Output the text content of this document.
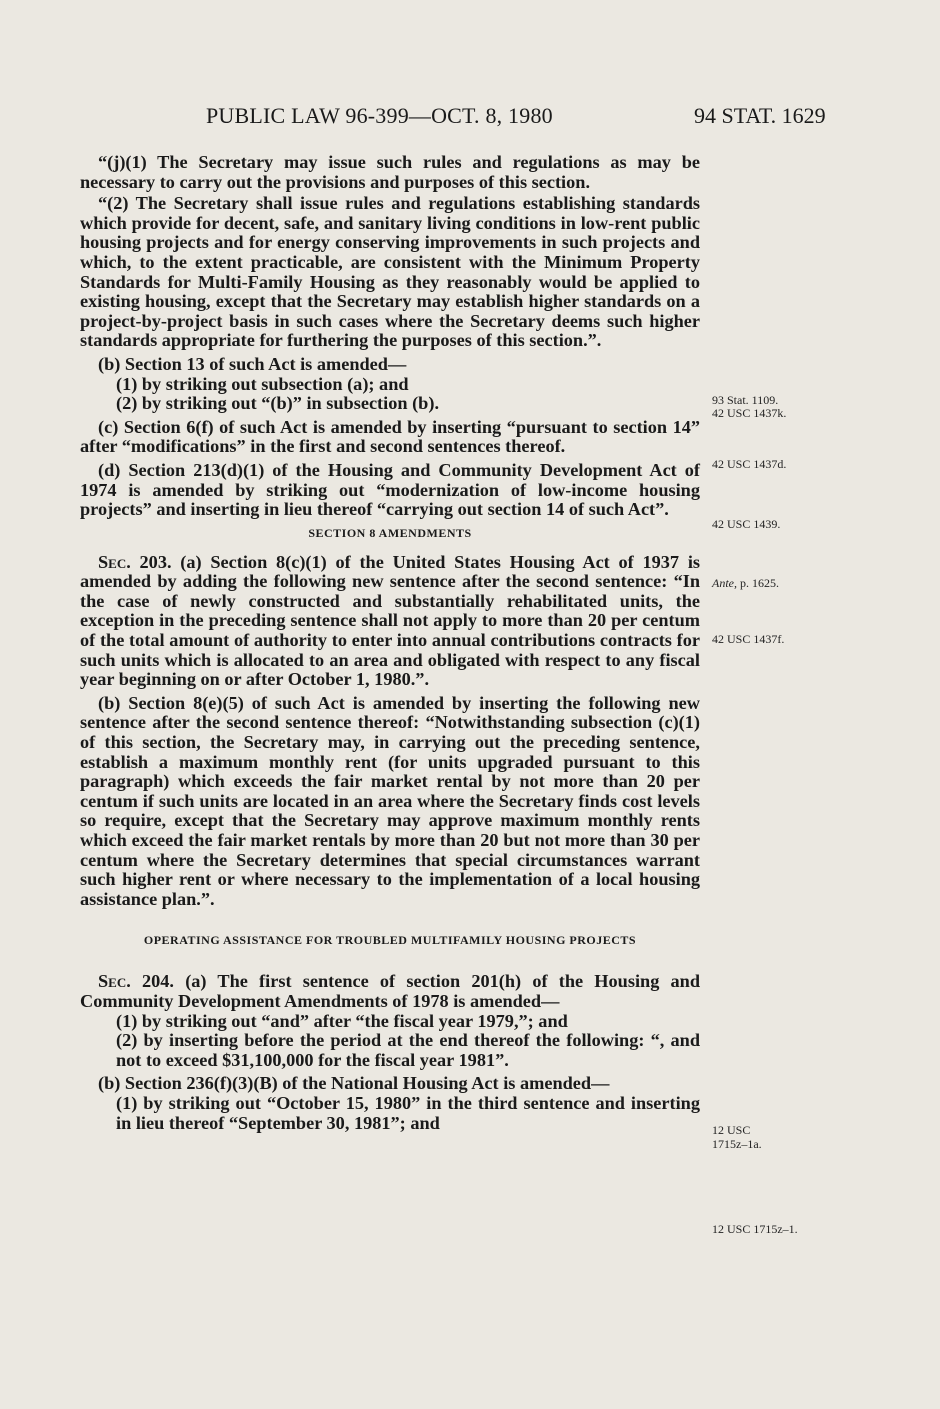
PUBLIC LAW 96-399—OCT. 8, 1980	94 STAT. 1629

“(j)(1) The Secretary may issue such rules and regulations as may be necessary to carry out the provisions and purposes of this section.

“(2) The Secretary shall issue rules and regulations establishing standards which provide for decent, safe, and sanitary living conditions in low-rent public housing projects and for energy conserving improvements in such projects and which, to the extent practicable, are consistent with the Minimum Property Standards for Multi-Family Housing as they reasonably would be applied to existing housing, except that the Secretary may establish higher standards on a project-by-project basis in such cases where the Secretary deems such higher standards appropriate for furthering the purposes of this section.”.

(b) Section 13 of such Act is amended—

(1) by striking out subsection (a); and

(2) by striking out “(b)” in subsection (b).

(c) Section 6(f) of such Act is amended by inserting “pursuant to section 14” after “modifications” in the first and second sentences thereof.

(d) Section 213(d)(1) of the Housing and Community Development Act of 1974 is amended by striking out “modernization of low-income housing projects” and inserting in lieu thereof “carrying out section 14 of such Act”.

SECTION 8 AMENDMENTS

Sec. 203. (a) Section 8(c)(1) of the United States Housing Act of 1937 is amended by adding the following new sentence after the second sentence: “In the case of newly constructed and substantially rehabilitated units, the exception in the preceding sentence shall not apply to more than 20 per centum of the total amount of authority to enter into annual contributions contracts for such units which is allocated to an area and obligated with respect to any fiscal year beginning on or after October 1, 1980.”.

(b) Section 8(e)(5) of such Act is amended by inserting the following new sentence after the second sentence thereof: “Notwithstanding subsection (c)(1) of this section, the Secretary may, in carrying out the preceding sentence, establish a maximum monthly rent (for units upgraded pursuant to this paragraph) which exceeds the fair market rental by not more than 20 per centum if such units are located in an area where the Secretary finds cost levels so require, except that the Secretary may approve maximum monthly rents which exceed the fair market rentals by more than 20 but not more than 30 per centum where the Secretary determines that special circumstances warrant such higher rent or where necessary to the implementation of a local housing assistance plan.”.

OPERATING ASSISTANCE FOR TROUBLED MULTIFAMILY HOUSING PROJECTS

Sec. 204. (a) The first sentence of section 201(h) of the Housing and Community Development Amendments of 1978 is amended—

(1) by striking out “and” after “the fiscal year 1979,”; and

(2) by inserting before the period at the end thereof the following: “, and not to exceed $31,100,000 for the fiscal year 1981”.

(b) Section 236(f)(3)(B) of the National Housing Act is amended—

(1) by striking out “October 15, 1980” in the third sentence and inserting in lieu thereof “September 30, 1981”; and

93 Stat. 1109.
42 USC 1437k.
42 USC 1437d.
42 USC 1439.
Ante, p. 1625.
42 USC 1437f.
12 USC
1715z–1a.
12 USC 1715z–1.
